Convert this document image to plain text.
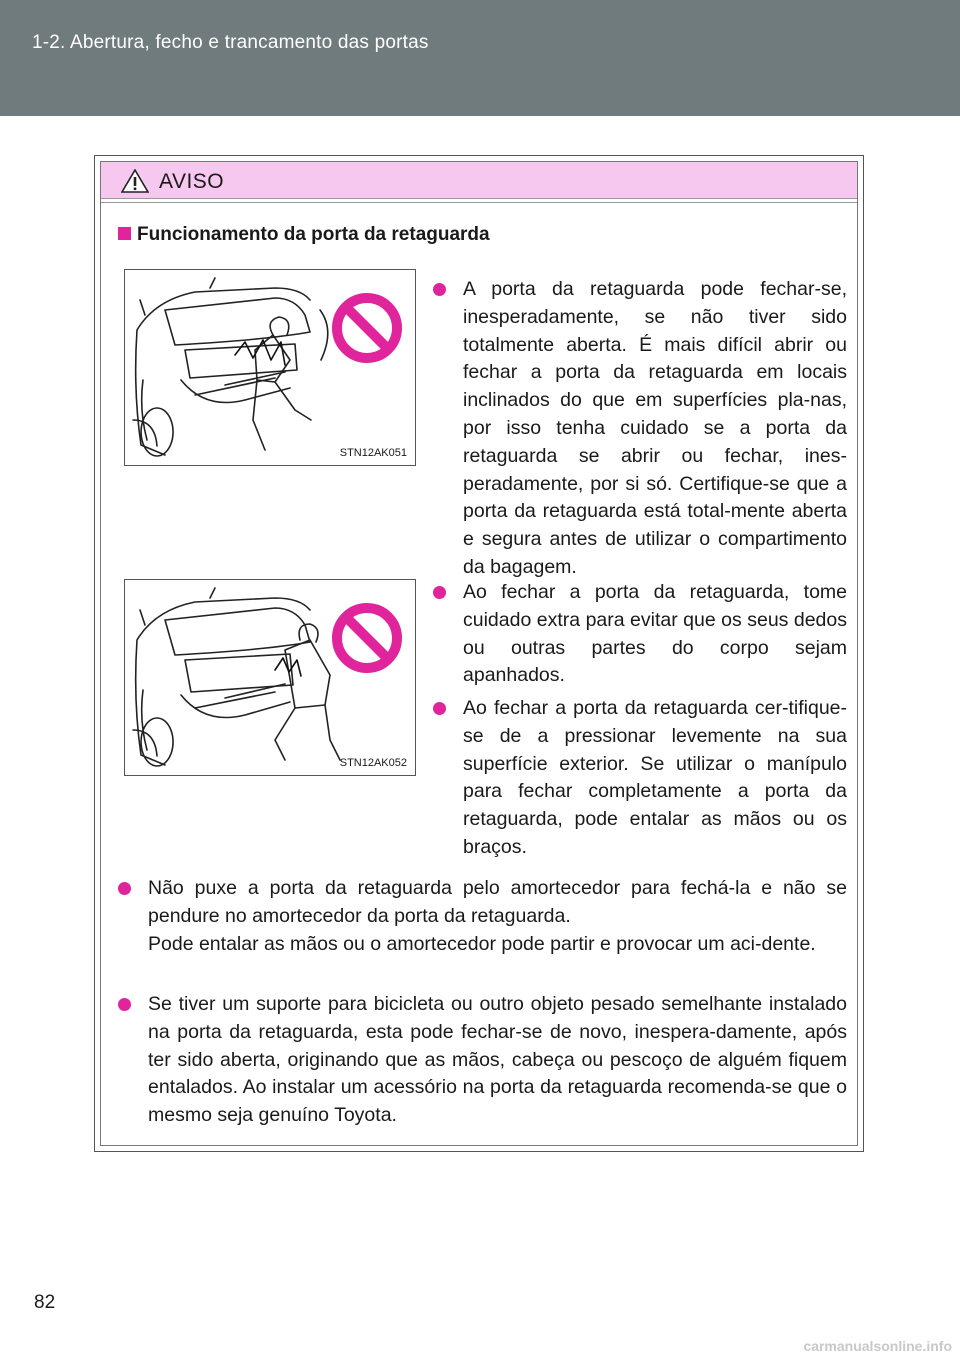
1-2. Abertura, fecho e trancamento das portas
AVISO
Funcionamento da porta da retaguarda
STN12AK051
STN12AK052
A porta da retaguarda pode fechar-se, inesperadamente, se não tiver sido totalmente aberta. É mais difícil abrir ou fechar a porta da retaguarda em locais inclinados do que em superfícies pla-nas, por isso tenha cuidado se a porta da retaguarda se abrir ou fechar, ines-peradamente, por si só. Certifique-se que a porta da retaguarda está total-mente aberta e segura antes de utilizar o compartimento da bagagem.
Ao fechar a porta da retaguarda, tome cuidado extra para evitar que os seus dedos ou outras partes do corpo sejam apanhados.
Ao fechar a porta da retaguarda cer-tifique-se de a pressionar levemente na sua superfície exterior. Se utilizar o manípulo para fechar completamente a porta da retaguarda, pode entalar as mãos ou os braços.
Não puxe a porta da retaguarda pelo amortecedor para fechá-la e não se pendure no amortecedor da porta da retaguarda.
Pode entalar as mãos ou o amortecedor pode partir e provocar um aci-dente.
Se tiver um suporte para bicicleta ou outro objeto pesado semelhante instalado na porta da retaguarda, esta pode fechar-se de novo, inespera-damente, após ter sido aberta, originando que as mãos, cabeça ou pescoço de alguém fiquem entalados. Ao instalar um acessório na porta da retaguarda recomenda-se que o mesmo seja genuíno Toyota.
82
carmanualsonline.info
